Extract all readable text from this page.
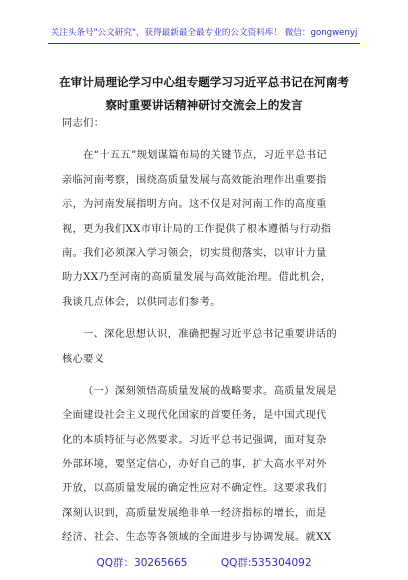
关注头条号"公文研究"，获得最新最全最专业的公文资料库！ 微信：gongwenyj
在审计局理论学习中心组专题学习习近平总书记在河南考
察时重要讲话精神研讨交流会上的发言
同志们：
在“十五五”规划谋篇布局的关键节点，习近平总书记
亲临河南考察，围绕高质量发展与高效能治理作出重要指
示，为河南发展指明方向。这不仅是对河南工作的高度重
视，更为我们XX市审计局的工作提供了根本遵循与行动指
南。我们必须深入学习领会，切实贯彻落实，以审计力量
助力XX乃至河南的高质量发展与高效能治理。借此机会，
我谈几点体会，以供同志们参考。
一、深化思想认识，准确把握习近平总书记重要讲话的
核心要义
（一）深刻领悟高质量发展的战略要求。高质量发展是
全面建设社会主义现代化国家的首要任务，是中国式现代
化的本质特征与必然要求。习近平总书记强调，面对复杂
外部环境，要坚定信心，办好自己的事，扩大高水平对外
开放，以高质量发展的确定性应对不确定性。这要求我们
深刻认识到，高质量发展绝非单一经济指标的增长，而是
经济、社会、生态等各领域的全面进步与协调发展。就XX
QQ群：30265665	QQ群:535304092
